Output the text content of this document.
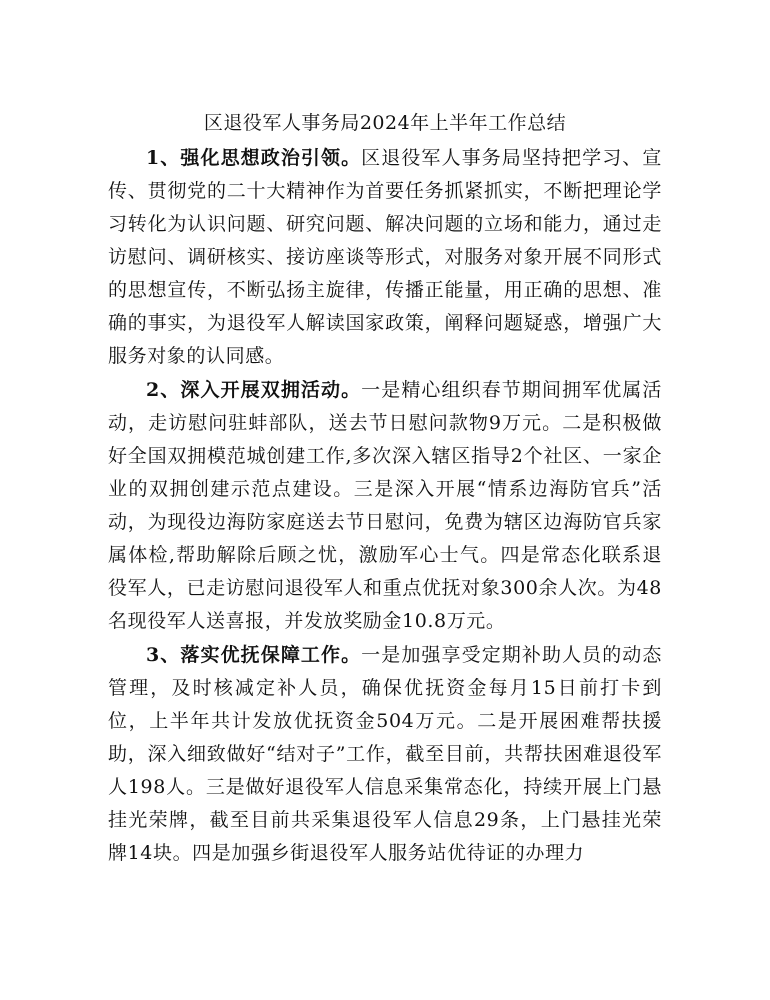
区退役军人事务局2024年上半年工作总结

1、强化思想政治引领。区退役军人事务局坚持把学习、宣传、贯彻党的二十大精神作为首要任务抓紧抓实，不断把理论学习转化为认识问题、研究问题、解决问题的立场和能力，通过走访慰问、调研核实、接访座谈等形式，对服务对象开展不同形式的思想宣传，不断弘扬主旋律，传播正能量，用正确的思想、准确的事实，为退役军人解读国家政策，阐释问题疑惑，增强广大服务对象的认同感。

2、深入开展双拥活动。一是精心组织春节期间拥军优属活动，走访慰问驻蚌部队，送去节日慰问款物9万元。二是积极做好全国双拥模范城创建工作,多次深入辖区指导2个社区、一家企业的双拥创建示范点建设。三是深入开展“情系边海防官兵”活动，为现役边海防家庭送去节日慰问，免费为辖区边海防官兵家属体检,帮助解除后顾之忧，激励军心士气。四是常态化联系退役军人，已走访慰问退役军人和重点优抚对象300余人次。为48名现役军人送喜报，并发放奖励金10.8万元。

3、落实优抚保障工作。一是加强享受定期补助人员的动态管理，及时核减定补人员，确保优抚资金每月15日前打卡到位，上半年共计发放优抚资金504万元。二是开展困难帮扶援助，深入细致做好“结对子”工作，截至目前，共帮扶困难退役军人198人。三是做好退役军人信息采集常态化，持续开展上门悬挂光荣牌，截至目前共采集退役军人信息29条，上门悬挂光荣牌14块。四是加强乡街退役军人服务站优待证的办理力
